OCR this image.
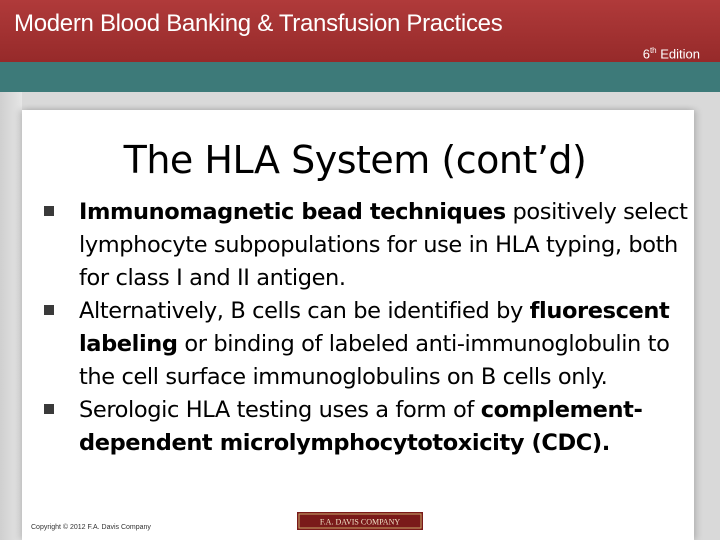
Modern Blood Banking & Transfusion Practices
6th Edition
The HLA System (cont’d)
Immunomagnetic bead techniques positively select lymphocyte subpopulations for use in HLA typing, both for class I and II antigen.
Alternatively, B cells can be identified by fluorescent labeling or binding of labeled anti-immunoglobulin to the cell surface immunoglobulins on B cells only.
Serologic HLA testing uses a form of complement-dependent microlymphocytotoxicity (CDC).
Copyright © 2012 F.A. Davis Company
F.A. DAVIS COMPANY
